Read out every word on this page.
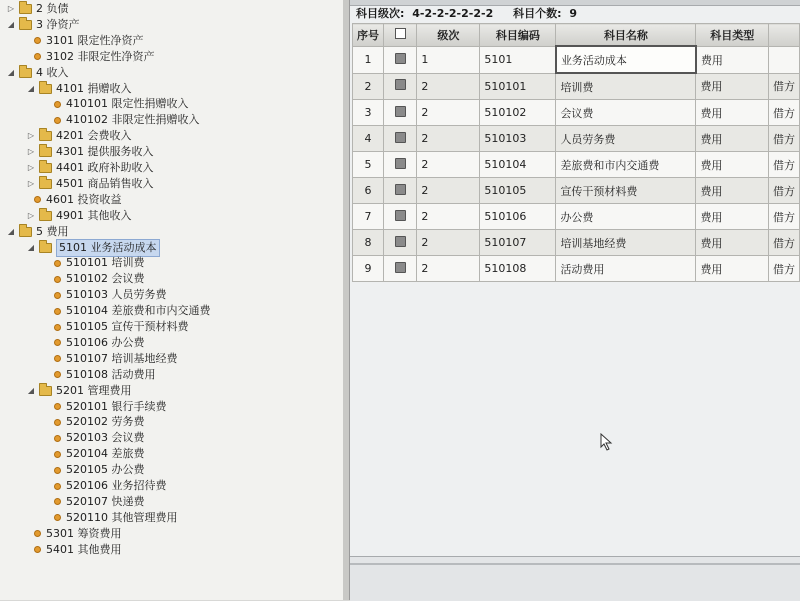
▷ 2 负债
◢ 3 净资产
3101 限定性净资产
3102 非限定性净资产
◢ 4 收入
◢ 4101 捐赠收入
410101 限定性捐赠收入
410102 非限定性捐赠收入
▷ 4201 会费收入
▷ 4301 提供服务收入
▷ 4401 政府补助收入
▷ 4501 商品销售收入
4601 投资收益
▷ 4901 其他收入
◢ 5 费用
◢ 5101 业务活动成本
510101 培训费
510102 会议费
510103 人员劳务费
510104 差旅费和市内交通费
510105 宣传干预材料费
510106 办公费
510107 培训基地经费
510108 活动费用
◢ 5201 管理费用
520101 银行手续费
520102 劳务费
520103 会议费
520104 差旅费
520105 办公费
520106 业务招待费
520107 快递费
520110 其他管理费用
5301 筹资费用
5401 其他费用
科目级次: 4-2-2-2-2-2-2 科目个数: 9
序号		级次	科目编码	科目名称	科目类型	
1		1	5101	业务活动成本	费用	
2		2	510101	培训费	费用	借方
3		2	510102	会议费	费用	借方
4		2	510103	人员劳务费	费用	借方
5		2	510104	差旅费和市内交通费	费用	借方
6		2	510105	宣传干预材料费	费用	借方
7		2	510106	办公费	费用	借方
8		2	510107	培训基地经费	费用	借方
9		2	510108	活动费用	费用	借方
